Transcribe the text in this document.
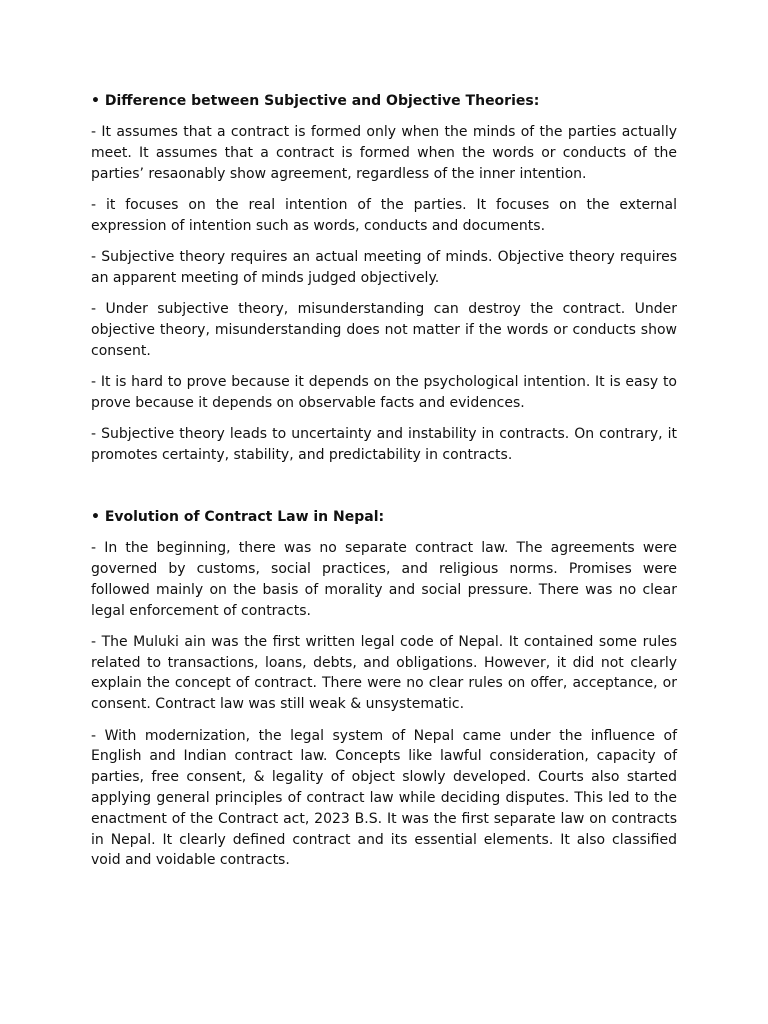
• Difference between Subjective and Objective Theories:

- It assumes that a contract is formed only when the minds of the parties actually meet. It assumes that a contract is formed when the words or conducts of the parties’ resaonably show agreement, regardless of the inner intention.

- it focuses on the real intention of the parties. It focuses on the external expression of intention such as words, conducts and documents.

- Subjective theory requires an actual meeting of minds. Objective theory requires an apparent meeting of minds judged objectively.

- Under subjective theory, misunderstanding can destroy the contract. Under objective theory, misunderstanding does not matter if the words or conducts show consent.

- It is hard to prove because it depends on the psychological intention. It is easy to prove because it depends on observable facts and evidences.

- Subjective theory leads to uncertainty and instability in contracts. On contrary, it promotes certainty, stability, and predictability in contracts.

• Evolution of Contract Law in Nepal:

- In the beginning, there was no separate contract law. The agreements were governed by customs, social practices, and religious norms. Promises were followed mainly on the basis of morality and social pressure. There was no clear legal enforcement of contracts.

- The Muluki ain was the first written legal code of Nepal. It contained some rules related to transactions, loans, debts, and obligations. However, it did not clearly explain the concept of contract. There were no clear rules on offer, acceptance, or consent. Contract law was still weak & unsystematic.

- With modernization, the legal system of Nepal came under the influence of English and Indian contract law. Concepts like lawful consideration, capacity of parties, free consent, & legality of object slowly developed. Courts also started applying general principles of contract law while deciding disputes. This led to the enactment of the Contract act, 2023 B.S. It was the first separate law on contracts in Nepal. It clearly defined contract and its essential elements. It also classified void and voidable contracts.
